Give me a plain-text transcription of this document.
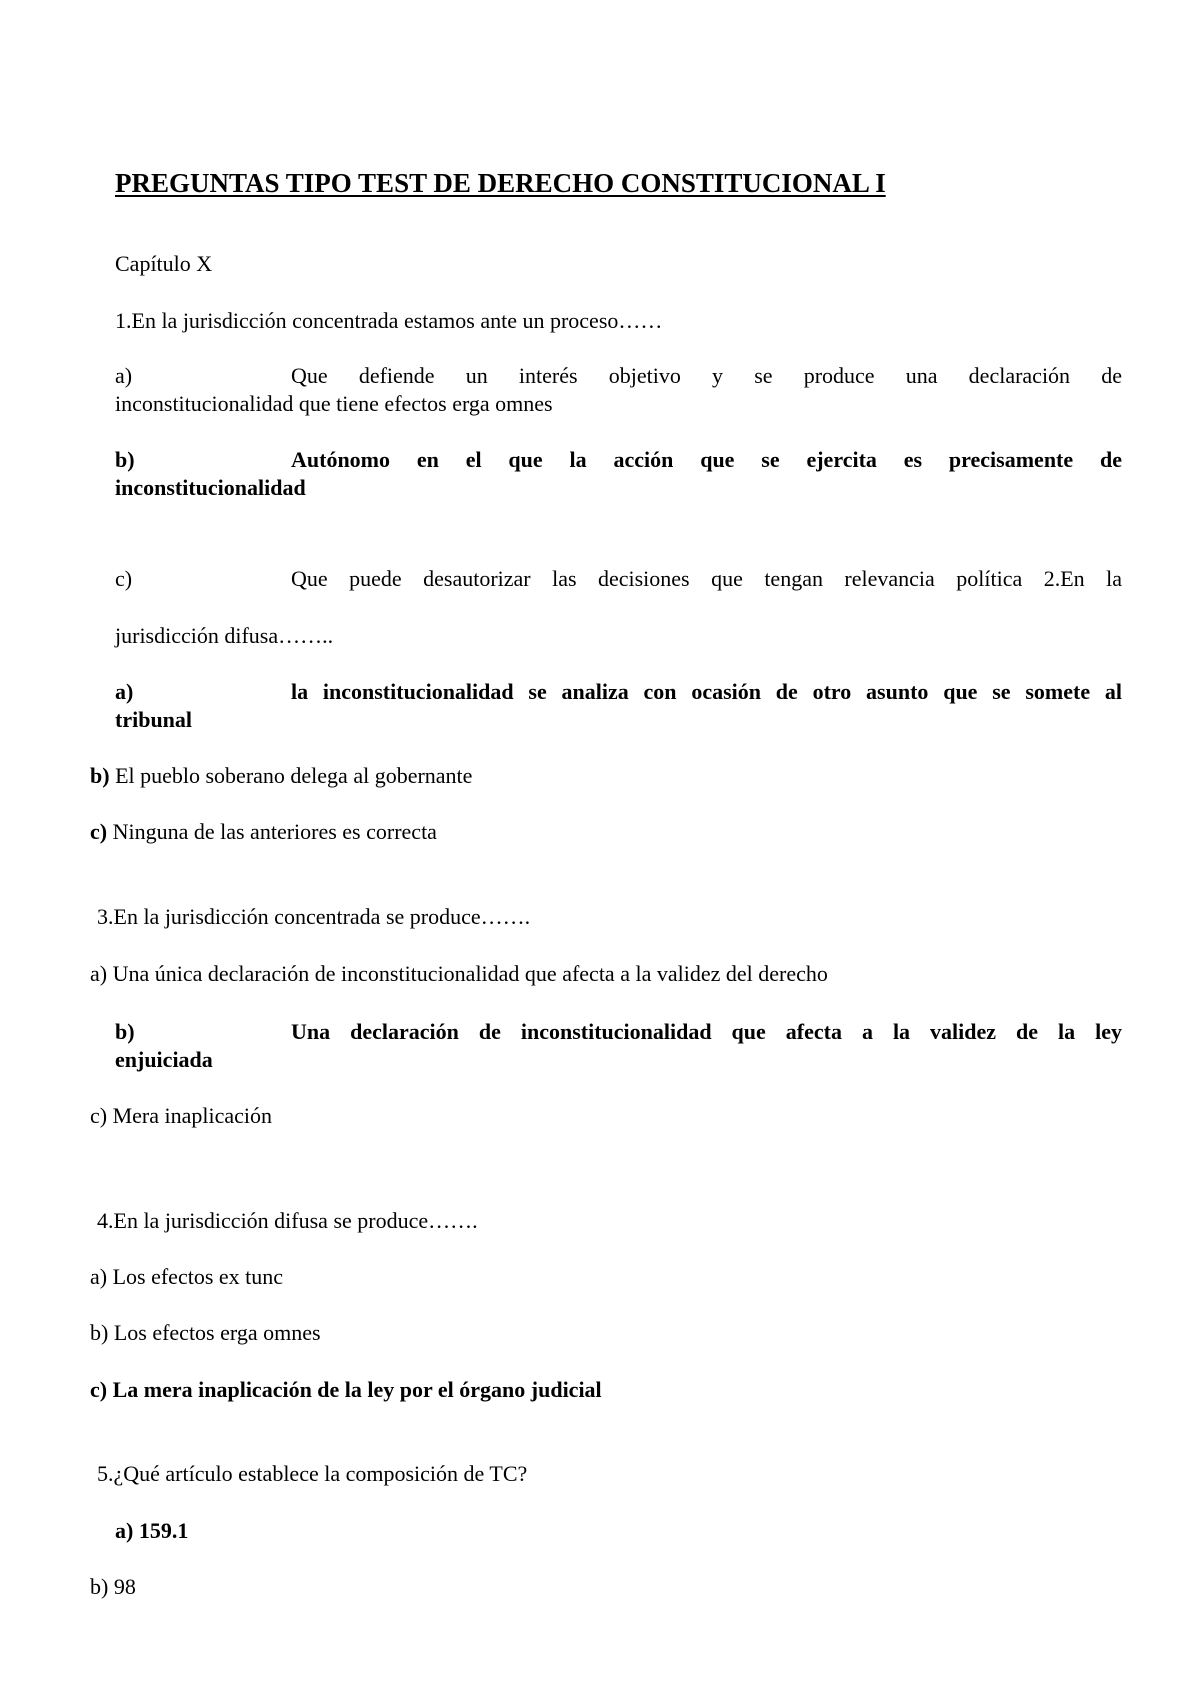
PREGUNTAS TIPO TEST DE DERECHO CONSTITUCIONAL I
Capítulo X
1.En la jurisdicción concentrada estamos ante un proceso……
a)	Que defiende un interés objetivo y se produce una declaración de
inconstitucionalidad que tiene efectos erga omnes
b)	Autónomo en el que la acción que se ejercita es precisamente de
inconstitucionalidad
c)	Que puede desautorizar las decisiones que tengan relevancia política 2.En la
jurisdicción difusa……..
a)	la inconstitucionalidad se analiza con ocasión de otro asunto que se somete al
tribunal
b) El pueblo soberano delega al gobernante
c) Ninguna de las anteriores es correcta
3.En la jurisdicción concentrada se produce…….
a) Una única declaración de inconstitucionalidad que afecta a la validez del derecho
b)	Una declaración de inconstitucionalidad que afecta a la validez de la ley
enjuiciada
c) Mera inaplicación
4.En la jurisdicción difusa se produce…….
a) Los efectos ex tunc
b) Los efectos erga omnes
c) La mera inaplicación de la ley por el órgano judicial
5.¿Qué artículo establece la composición de TC?
a) 159.1
b) 98
